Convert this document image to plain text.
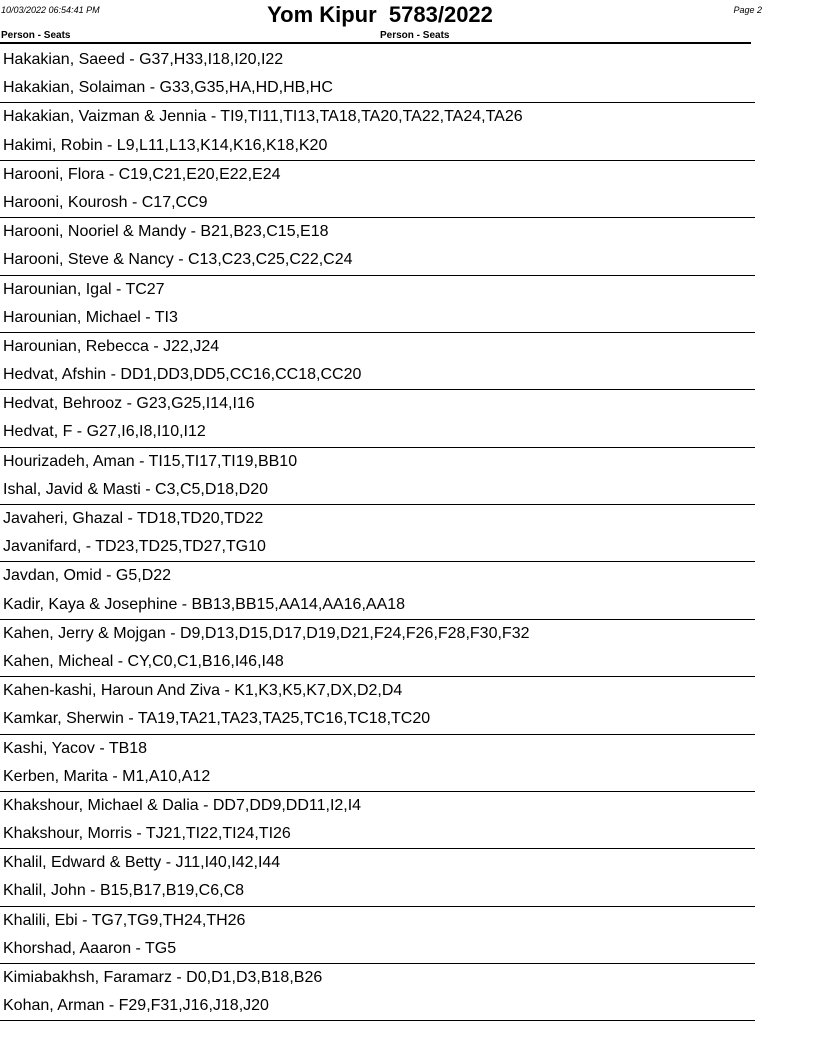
10/03/2022 06:54:41 PM	Yom Kipur  5783/2022	Page 2
Person - Seats	Person - Seats
Hakakian, Saeed - G37,H33,I18,I20,I22
Hakakian, Solaiman - G33,G35,HA,HD,HB,HC
Hakakian, Vaizman & Jennia - TI9,TI11,TI13,TA18,TA20,TA22,TA24,TA26
Hakimi, Robin - L9,L11,L13,K14,K16,K18,K20
Harooni, Flora - C19,C21,E20,E22,E24
Harooni, Kourosh - C17,CC9
Harooni, Nooriel & Mandy - B21,B23,C15,E18
Harooni, Steve & Nancy - C13,C23,C25,C22,C24
Harounian, Igal - TC27
Harounian, Michael - TI3
Harounian, Rebecca - J22,J24
Hedvat, Afshin - DD1,DD3,DD5,CC16,CC18,CC20
Hedvat, Behrooz - G23,G25,I14,I16
Hedvat, F - G27,I6,I8,I10,I12
Hourizadeh, Aman - TI15,TI17,TI19,BB10
Ishal, Javid & Masti - C3,C5,D18,D20
Javaheri, Ghazal - TD18,TD20,TD22
Javanifard, - TD23,TD25,TD27,TG10
Javdan, Omid - G5,D22
Kadir, Kaya & Josephine - BB13,BB15,AA14,AA16,AA18
Kahen, Jerry & Mojgan - D9,D13,D15,D17,D19,D21,F24,F26,F28,F30,F32
Kahen, Micheal - CY,C0,C1,B16,I46,I48
Kahen-kashi, Haroun And Ziva - K1,K3,K5,K7,DX,D2,D4
Kamkar, Sherwin - TA19,TA21,TA23,TA25,TC16,TC18,TC20
Kashi, Yacov - TB18
Kerben, Marita - M1,A10,A12
Khakshour, Michael & Dalia - DD7,DD9,DD11,I2,I4
Khakshour, Morris - TJ21,TI22,TI24,TI26
Khalil, Edward & Betty - J11,I40,I42,I44
Khalil, John - B15,B17,B19,C6,C8
Khalili, Ebi - TG7,TG9,TH24,TH26
Khorshad, Aaaron - TG5
Kimiabakhsh, Faramarz - D0,D1,D3,B18,B26
Kohan, Arman - F29,F31,J16,J18,J20
